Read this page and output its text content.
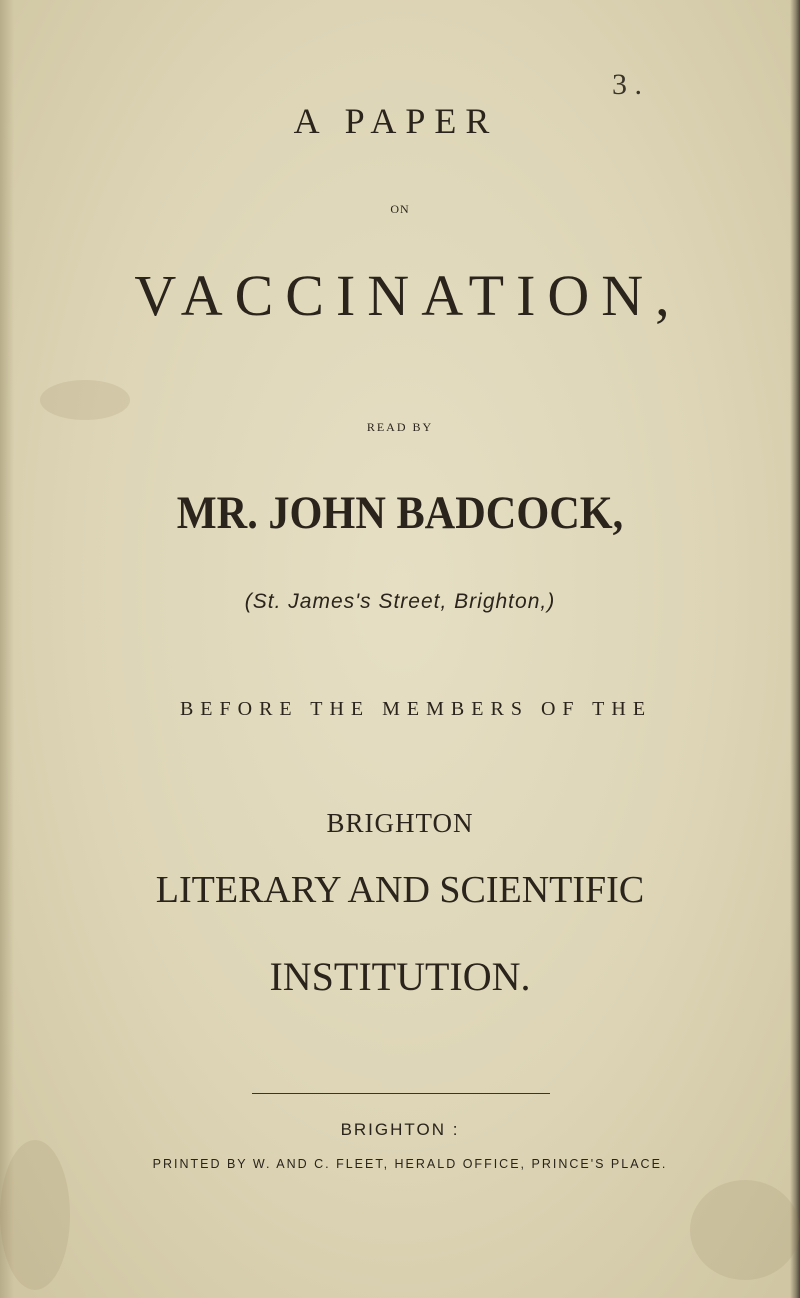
3 .
A PAPER
ON
VACCINATION,
READ BY
MR. JOHN BADCOCK,
(St. James's Street, Brighton,)
BEFORE THE MEMBERS OF THE
BRIGHTON
LITERARY AND SCIENTIFIC
INSTITUTION.
BRIGHTON :
PRINTED BY W. AND C. FLEET, HERALD OFFICE, PRINCE'S PLACE.
